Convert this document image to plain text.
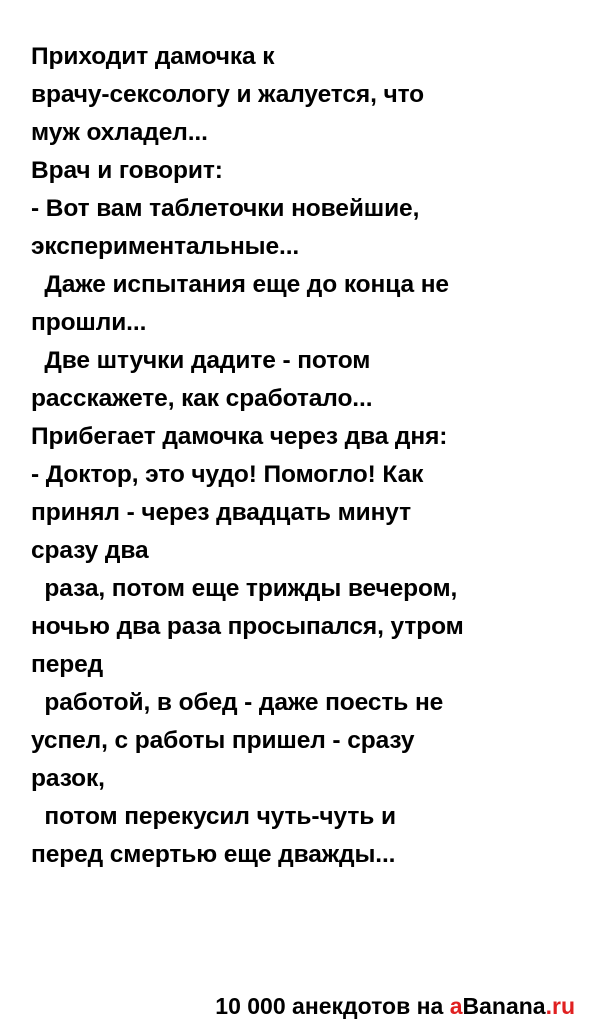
Приходит дамочка к
врачу-сексологу и жалуется, что
муж охладел...
Врач и говорит:
- Вот вам таблеточки новейшие,
экспериментальные...
Даже испытания еще до конца не
прошли...
Две штучки дадите - потом
расскажете, как сработало...
Прибегает дамочка через два дня:
- Доктор, это чудо! Помогло! Как
принял - через двадцать минут
сразу два
раза, потом еще трижды вечером,
ночью два раза просыпался, утром
перед
работой, в обед - даже поесть не
успел, с работы пришел - сразу
разок,
потом перекусил чуть-чуть и
перед смертью еще дважды...

10 000 анекдотов на aBanana.ru
